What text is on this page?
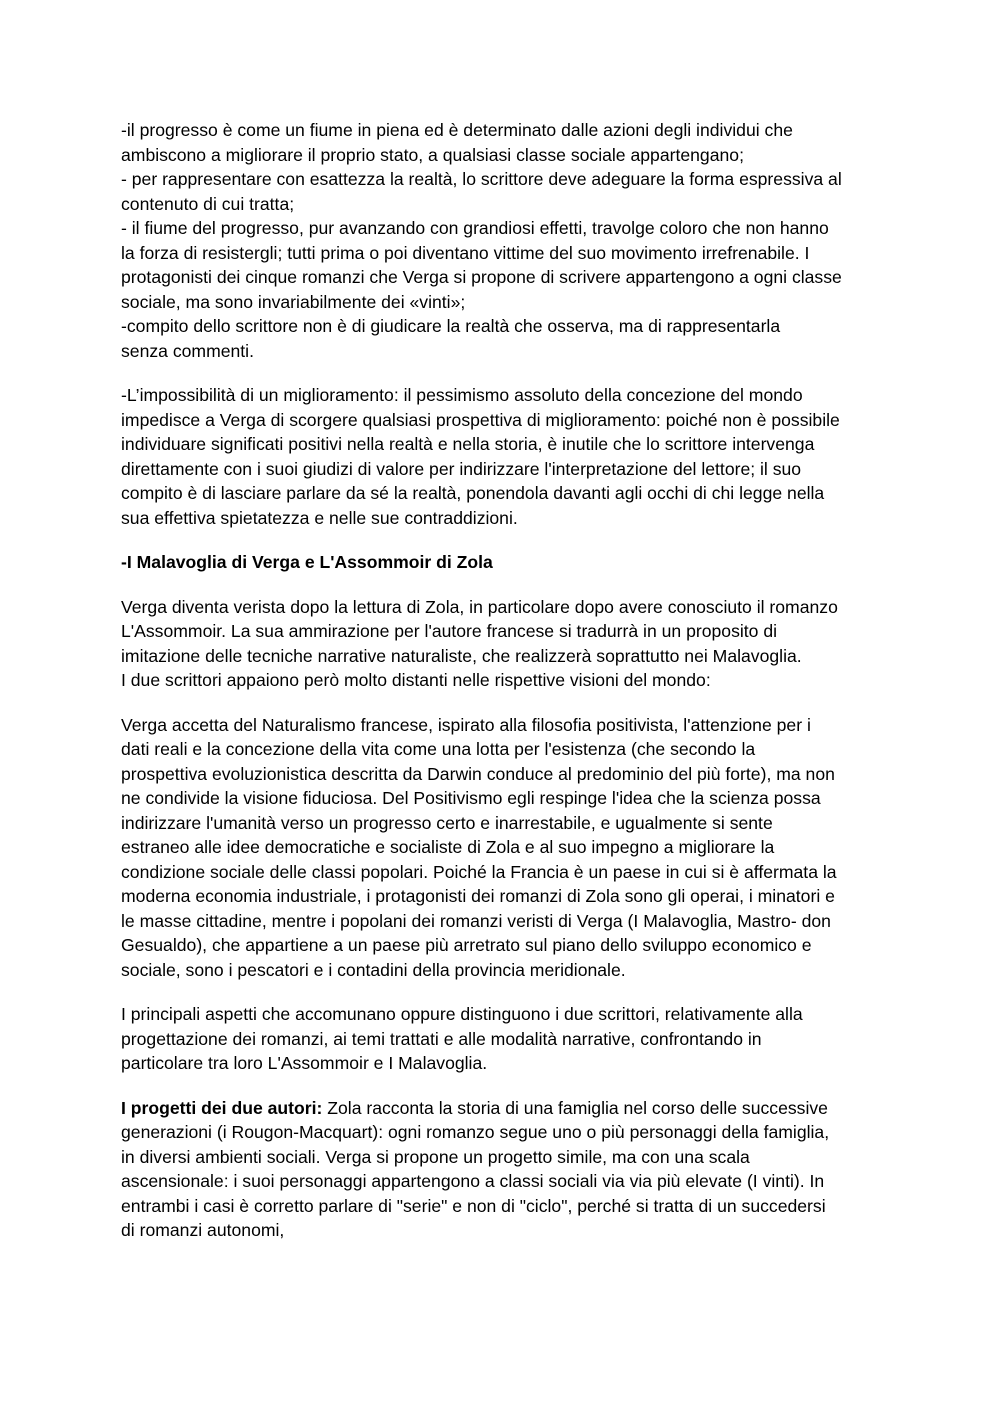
-il progresso è come un fiume in piena ed è determinato dalle azioni degli individui che
ambiscono a migliorare il proprio stato, a qualsiasi classe sociale appartengano;
- per rappresentare con esattezza la realtà, lo scrittore deve adeguare la forma espressiva al
contenuto di cui tratta;
- il fiume del progresso, pur avanzando con grandiosi effetti, travolge coloro che non hanno
la forza di resistergli; tutti prima o poi diventano vittime del suo movimento irrefrenabile. I
protagonisti dei cinque romanzi che Verga si propone di scrivere appartengono a ogni classe
sociale, ma sono invariabilmente dei «vinti»;
-compito dello scrittore non è di giudicare la realtà che osserva, ma di rappresentarla
senza commenti.

-L’impossibilità di un miglioramento: il pessimismo assoluto della concezione del mondo
impedisce a Verga di scorgere qualsiasi prospettiva di miglioramento: poiché non è possibile
individuare significati positivi nella realtà e nella storia, è inutile che lo scrittore intervenga
direttamente con i suoi giudizi di valore per indirizzare l'interpretazione del lettore; il suo
compito è di lasciare parlare da sé la realtà, ponendola davanti agli occhi di chi legge nella
sua effettiva spietatezza e nelle sue contraddizioni.

-I Malavoglia di Verga e L'Assommoir di Zola

Verga diventa verista dopo la lettura di Zola, in particolare dopo avere conosciuto il romanzo
L'Assommoir. La sua ammirazione per l'autore francese si tradurrà in un proposito di
imitazione delle tecniche narrative naturaliste, che realizzerà soprattutto nei Malavoglia.
I due scrittori appaiono però molto distanti nelle rispettive visioni del mondo:

Verga accetta del Naturalismo francese, ispirato alla filosofia positivista, l'attenzione per i
dati reali e la concezione della vita come una lotta per l'esistenza (che secondo la
prospettiva evoluzionistica descritta da Darwin conduce al predominio del più forte), ma non
ne condivide la visione fiduciosa. Del Positivismo egli respinge l'idea che la scienza possa
indirizzare l'umanità verso un progresso certo e inarrestabile, e ugualmente si sente
estraneo alle idee democratiche e socialiste di Zola e al suo impegno a migliorare la
condizione sociale delle classi popolari. Poiché la Francia è un paese in cui si è affermata la
moderna economia industriale, i protagonisti dei romanzi di Zola sono gli operai, i minatori e
le masse cittadine, mentre i popolani dei romanzi veristi di Verga (I Malavoglia, Mastro- don
Gesualdo), che appartiene a un paese più arretrato sul piano dello sviluppo economico e
sociale, sono i pescatori e i contadini della provincia meridionale.

I principali aspetti che accomunano oppure distinguono i due scrittori, relativamente alla
progettazione dei romanzi, ai temi trattati e alle modalità narrative, confrontando in
particolare tra loro L'Assommoir e I Malavoglia.

I progetti dei due autori: Zola racconta la storia di una famiglia nel corso delle successive
generazioni (i Rougon-Macquart): ogni romanzo segue uno o più personaggi della famiglia,
in diversi ambienti sociali. Verga si propone un progetto simile, ma con una scala
ascensionale: i suoi personaggi appartengono a classi sociali via via più elevate (I vinti). In
entrambi i casi è corretto parlare di "serie" e non di "ciclo", perché si tratta di un succedersi
di romanzi autonomi,
